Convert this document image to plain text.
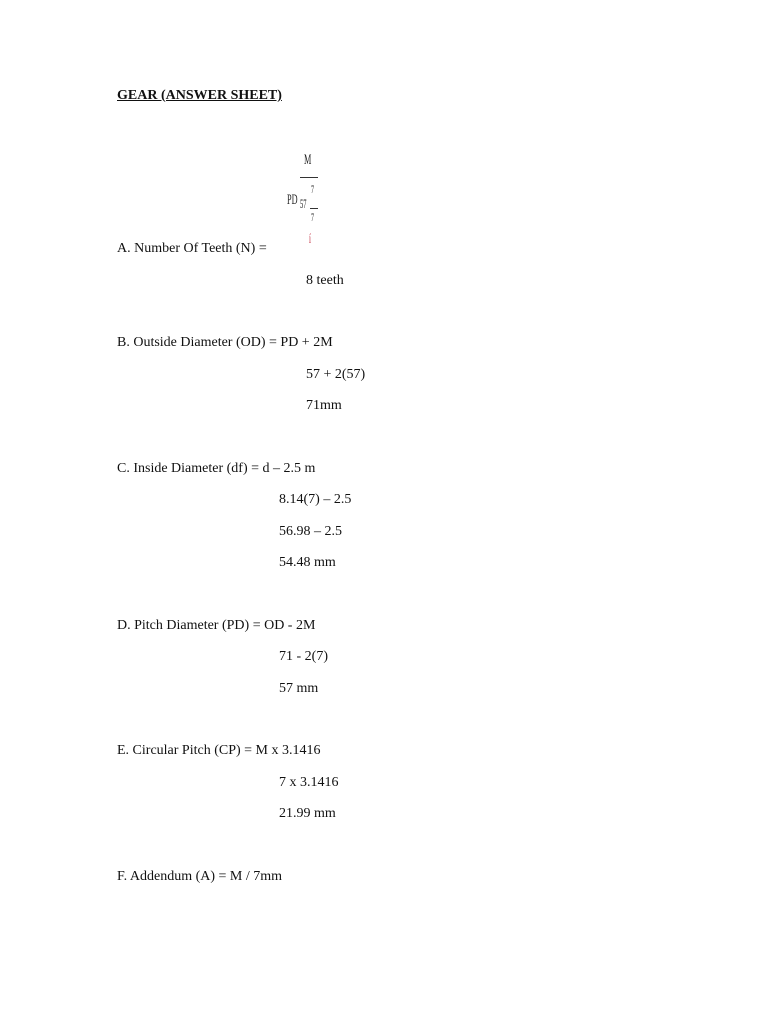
GEAR (ANSWER SHEET)
M
PD 57
7
7
í
A. Number Of Teeth (N) =
8 teeth
B. Outside Diameter (OD) = PD + 2M
57 + 2(57)
71mm
C. Inside Diameter (df) = d – 2.5 m
8.14(7) – 2.5
56.98 – 2.5
54.48 mm
D. Pitch Diameter (PD) = OD - 2M
71 - 2(7)
57 mm
E. Circular Pitch (CP) = M x 3.1416
7 x 3.1416
21.99 mm
F. Addendum (A) = M / 7mm
